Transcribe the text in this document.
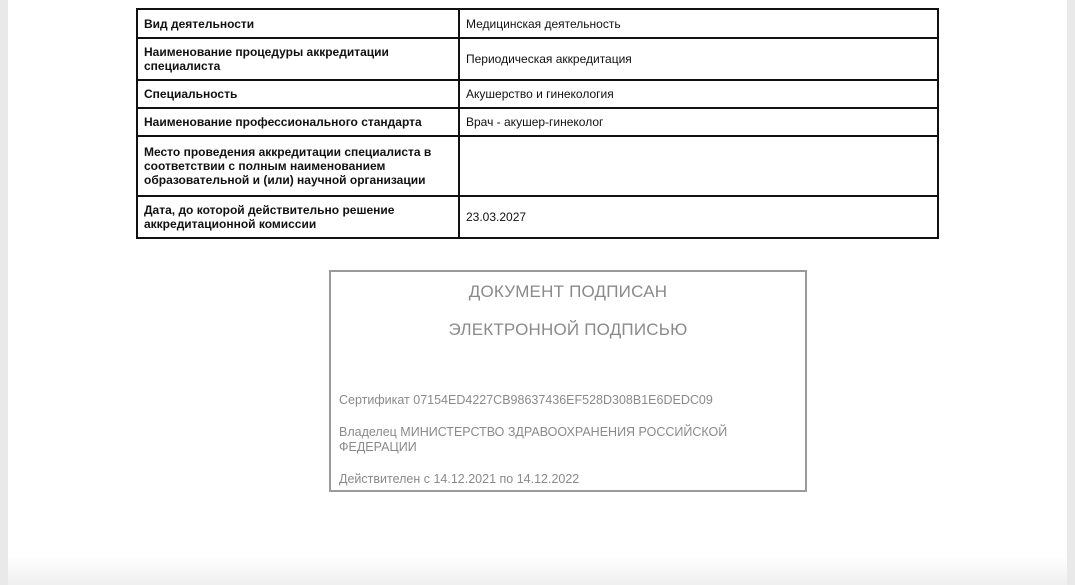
Вид деятельности	Медицинская деятельность
Наименование процедуры аккредитации специалиста	Периодическая аккредитация
Специальность	Акушерство и гинекология
Наименование профессионального стандарта	Врач - акушер-гинеколог
Место проведения аккредитации специалиста в соответствии с полным наименованием образовательной и (или) научной организации	
Дата, до которой действительно решение аккредитационной комиссии	23.03.2027
ДОКУМЕНТ ПОДПИСАН
ЭЛЕКТРОННОЙ ПОДПИСЬЮ
Сертификат 07154ED4227CB98637436EF528D308B1E6DEDC09
Владелец МИНИСТЕРСТВО ЗДРАВООХРАНЕНИЯ РОССИЙСКОЙ ФЕДЕРАЦИИ
Действителен с 14.12.2021 по 14.12.2022
